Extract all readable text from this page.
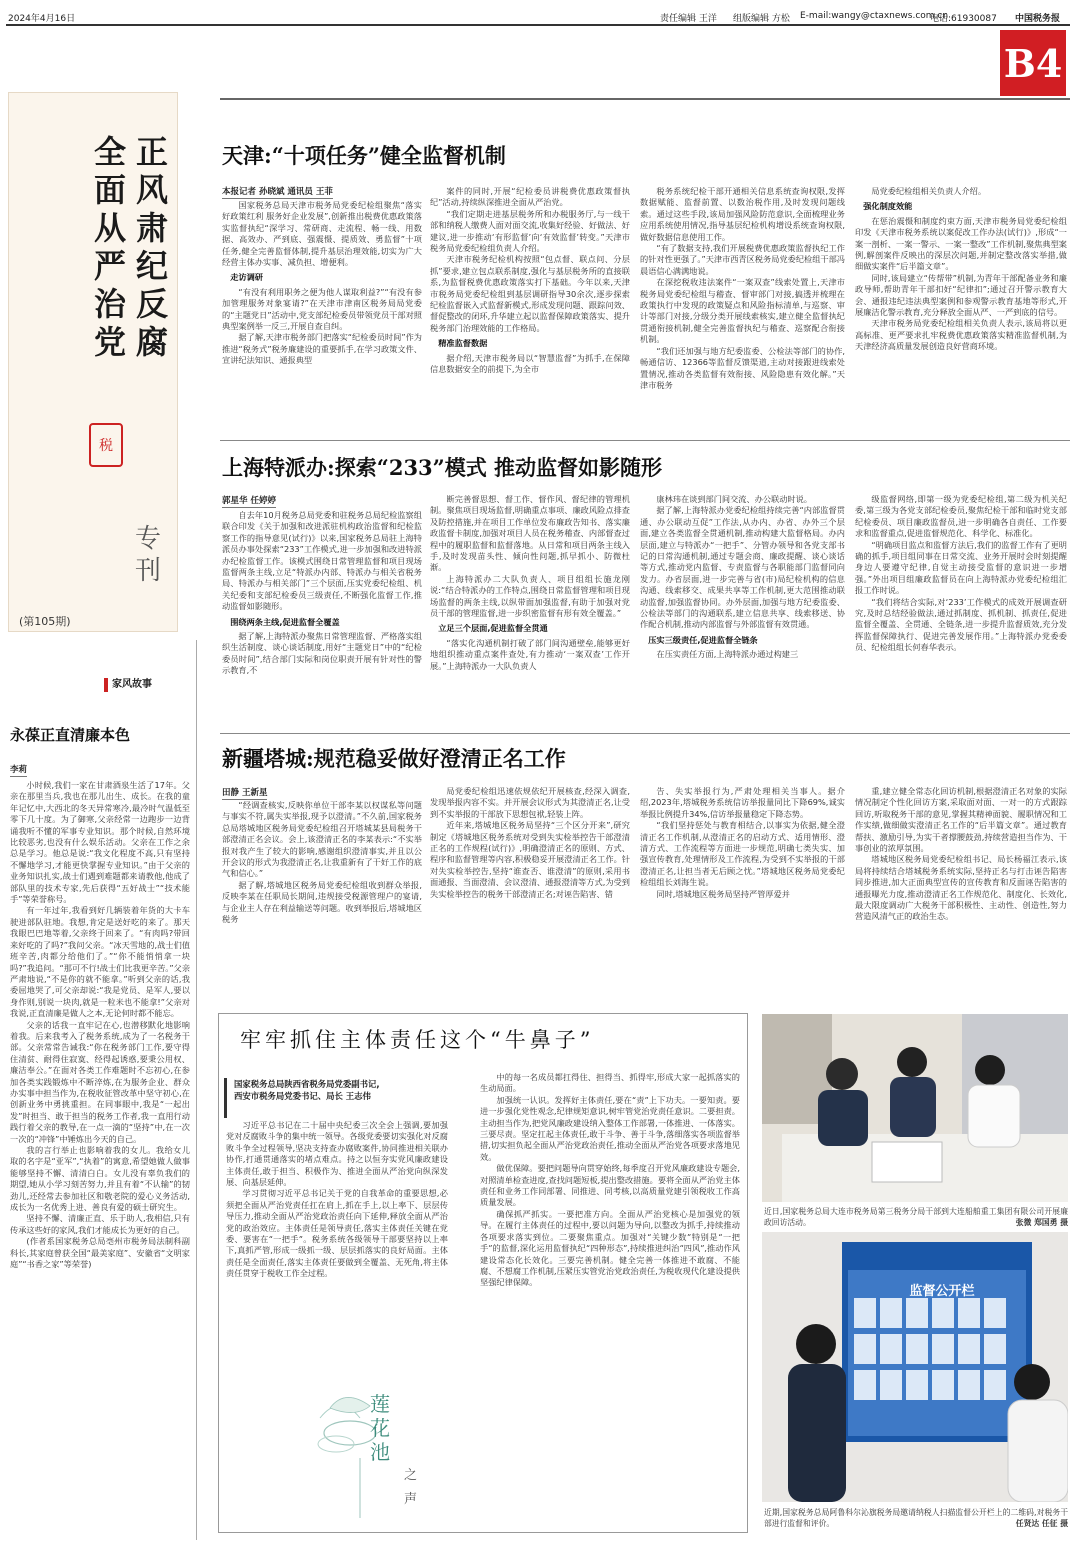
2024年4月16日	责任编辑 王洋 组版编辑 方松 E-mail:wangy@ctaxnews.com.cn
电话:61930087 中国税务报
B4
全面从严治党
正风肃纪反腐
专刊
税
(第105期)
天津:“十项任务”健全监督机制
本报记者 孙晓斌 通讯员 王菲

国家税务总局天津市税务局党委纪检组聚焦“落实好政策红利 服务好企业发展”,创新推出税费优惠政策落实监督执纪“深学习、常研商、走流程、畅一线、用数据、高效办、严到底、强震慑、提质效、勇监督”十项任务,健全完善监督体制,提升基层治理效能,切实为广大经营主体办实事、减负担、增便利。

走访调研

“有没有利用职务之便为他人谋取利益?”“有没有参加管理服务对象宴请?”在天津市津南区税务局局党委的“主题党日”活动中,党支部纪检委员带领党员干部对照典型案例举一反三,开展自查自纠。

据了解,天津市税务部门把落实“纪检委员时间”作为推进“税务式”税务廉建设的重要抓手,在学习政策文件、宣讲纪法知识、通报典型

案件的同时,开展“纪检委员讲税费优惠政策督执纪”活动,持续纵深推进全面从严治党。

“我们定期走进基层税务所和办税服务厅,与一线干部和纳税人缴费人面对面交流,收集好经验、好做法、好建议,进一步推动‘有形监督’向‘有效监督’转变。”天津市税务局党委纪检组负责人介绍。

天津市税务纪检机构按照“包点督、联点问、分层抓”要求,建立包点联系制度,强化与基层税务所的直接联系,为监督税费优惠政策落实打下基础。今年以来,天津市税务局党委纪检组到基层调研指导30余次,逐步探索纪检监督嵌入式监督新模式,形成发现问题、跟踪问效、督促整改的闭环,升华建立起以监督保障政策落实、提升税务部门治理效能的工作格局。

精准监督数据

据介绍,天津市税务局以“智慧监督”为抓手,在保障信息数据安全的前提下,为全市

税务系统纪检干部开通相关信息系统查询权限,发挥数据赋能、监督前置、以数治税作用,及时发现问题线索。通过这些手段,该局加强风险防范意识,全面梳理业务应用系统使用情况,指导基层纪检机构增设系统查询权限,做好数据信息使用工作。

“有了数据支持,我们开展税费优惠政策监督执纪工作的针对性更强了。”天津市西青区税务局党委纪检组干部冯晨语信心满满地说。

在深挖税收违法案件“一案双查”线索处置上,天津市税务局党委纪检组与稽查、督审部门对接,搞透并梳理在政策执行中发现的政策疑点和风险指标清单,与巡察、审计等部门对接,分级分类开展线索核实,建立健全监督执纪贯通衔接机制,健全完善监督执纪与稽查、巡察配合衔接机制。

“我们还加强与地方纪委监委、公检法等部门的协作,畅通信访、12366等监督反馈渠道,主动对接跟进线索处置情况,推动各类监督有效衔接、风险隐患有效化解。”天津市税务

局党委纪检组相关负责人介绍。

强化制度效能

在惩治震慑和制度约束方面,天津市税务局党委纪检组印发《天津市税务系统以案促改工作办法(试行)》,形成“一案一剖析、一案一警示、一案一整改”工作机制,聚焦典型案例,解剖案件反映出的深层次问题,并制定整改落实举措,做细做实案件“后半篇文章”。

同时,该局建立“传帮带”机制,为青年干部配备业务和廉政导师,帮助青年干部扣好“纪律扣”;通过召开警示教育大会、通报违纪违法典型案例和参观警示教育基地等形式,开展廉洁化警示教育,充分释放全面从严、一严到底的信号。

天津市税务局党委纪检组相关负责人表示,该局将以更高标准、更严要求扎牢税费优惠政策落实精准监督机制,为天津经济高质量发展创造良好营商环境。

上海特派办:探索“233”模式 推动监督如影随形
郭星华 任婷婷

自去年10月税务总局党委和驻税务总局纪检监察组联合印发《关于加强和改进派驻机构政治监督和纪检监察工作的指导意见(试行)》以来,国家税务总局驻上海特派员办事处探索“233”工作模式,进一步加强和改进特派办纪检监督工作。该模式围绕日常管理监督和项目现场监督两条主线,立足“特派办内部、特派办与相关省税务局、特派办与相关部门”三个层面,压实党委纪检组、机关纪委和支部纪检委员三级责任,不断强化监督工作,推动监督如影随形。

围绕两条主线,促进监督全覆盖

据了解,上海特派办聚焦日常管理监督、严格落实组织生活制度、谈心谈话制度,用好“主题党日”中的“纪检委员时间”,结合部门实际和岗位职责开展有针对性的警示教育,不

断完善督思想、督工作、督作风、督纪律的管理机制。聚焦项目现场监督,明确重点事项、廉政风险点排查及防控措施,并在项目工作单位发布廉政告知书、落实廉政监督卡制度,加强对项目人员在税务稽查、内部督查过程中的履职监督和监督落地。从日常和项目两条主线入手,及时发现苗头性、倾向性问题,抓早抓小、防微杜渐。

上海特派办二大队负责人、项目组组长施龙刚说:“结合特派办的工作特点,围绕日常监督管理和项目现场监督的两条主线,以纵带面加强监督,有助于加强对党员干部的管理监督,进一步织密监督有形有效全覆盖。”

立足三个层面,促进监督全贯通

“落实化沟通机制打破了部门间沟通壁垒,能够更好地组织推动重点案件查处,有力推动‘一案双查’工作开展。”上海特派办一大队负责人

康林玮在谈到部门间交流、办公联动时说。

据了解,上海特派办党委纪检组持续完善“内部监督贯通、办公联动互促”工作法,从办内、办省、办外三个层面,建立各类监督全贯通机制,推动构建大监督格局。办内层面,建立与特派办“一把手”、分管办领导和各党支部书记的日常沟通机制,通过专题会商、廉政提醒、谈心谈话等方式,推动党内监督、专责监督与各职能部门监督同向发力。办省层面,进一步完善与省(市)局纪检机构的信息沟通、线索移交、成果共享等工作机制,更大范围推动联动监督,加强监督协同。办外层面,加强与地方纪委监委、公检法等部门的沟通联系,建立信息共享、线索移送、协作配合机制,推动内部监督与外部监督有效贯通。

压实三级责任,促进监督全链条

在压实责任方面,上海特派办通过构建三

级监督网络,即第一级为党委纪检组,第二级为机关纪委,第三级为各党支部纪检委员,聚焦纪检干部和临时党支部纪检委员、项目廉政监督员,进一步明确各自责任、工作要求和监督重点,促进监督规范化、科学化、标准化。

“明确项目监点和监督方法后,我们的监督工作有了更明确的抓手,项目组同事在日常交流、业务开展时会时刻提醒身边人要遵守纪律,自觉主动接受监督的意识进一步增强。”外出项目组廉政监督员在向上海特派办党委纪检组汇报工作时说。

“我们将结合实际,对‘233’工作模式的成效开展调查研究,及时总结经验做法,通过抓制度、抓机制、抓责任,促进监督全覆盖、全贯通、全链条,进一步提升监督质效,充分发挥监督保障执行、促进完善发展作用。”上海特派办党委委员、纪检组组长何春华表示。

新疆塔城:规范稳妥做好澄清正名工作
田静 王新星

“经调查核实,反映你单位干部李某以权谋私等问题与事实不符,属失实举报,现予以澄清。”不久前,国家税务总局塔城地区税务局党委纪检组召开塔城某县局税务干部澄清正名会议。会上,该澄清正名的李某表示:“不实举报对我产生了较大的影响,感谢组织澄清事实,并且以公开会议的形式为我澄清正名,让我重新有了干好工作的底气和信心。”

据了解,塔城地区税务局党委纪检组收到群众举报,反映李某在任职局长期间,违规接受税源管理户的宴请,与企业主人存在利益输送等问题。收到举报后,塔城地区税务

局党委纪检组迅速依规依纪开展核查,经深入调查,发现举报内容不实。并开展会议形式为其澄清正名,让受到不实举报的干部放下思想包袱,轻装上阵。

近年来,塔城地区税务局坚持“三个区分开来”,研究制定《塔城地区税务系统对受到失实检举控告干部澄清正名的工作规程(试行)》,明确澄清正名的原则、方式、程序和监督管理等内容,积极稳妥开展澄清正名工作。针对失实检举控告,坚持“谁查否、谁澄清”的原则,采用书面通报、当面澄清、会议澄清、通报澄清等方式,为受到失实检举控告的税务干部澄清正名;对诬告陷害、错

告、失实举报行为,严肃处理相关当事人。据介绍,2023年,塔城税务系统信访举报量同比下降69%,诚实举报比例提升34%,信访举报量稳定下降态势。

“我们坚持惩处与教育相结合,以事实为依据,健全澄清正名工作机制,从澄清正名的启动方式、适用情形、澄清方式、工作流程等方面进一步规范,明确七类失实、加强宣传教育,处理情形及工作流程,为受到不实举报的干部澄清正名,让担当者无后顾之忧。”塔城地区税务局党委纪检组组长刘海生说。

同时,塔城地区税务局坚持严管厚爱并

重,建立健全常态化回访机制,根据澄清正名对象的实际情况制定个性化回访方案,采取面对面、一对一的方式跟踪回访,听取税务干部的意见,掌握其精神面貌、履职情况和工作实绩,做细做实澄清正名工作的“后半篇文章”。通过教育帮扶、激励引导,为实干者撑腰鼓劲,持续营造担当作为、干事创业的浓厚氛围。

塔城地区税务局党委纪检组书记、局长杨福江表示,该局将持续结合塔城税务系统实际,坚持正名与打击诬告陷害同步推进,加大正面典型宣传的宣传教育和反面诬告陷害的通报曝光力度,推动澄清正名工作规范化、制度化、长效化,最大限度调动广大税务干部积极性、主动性、创造性,努力营造风清气正的政治生态。

家风故事
永葆正直清廉本色
李莉

小时候,我们一家在甘肃酒泉生活了17年。父亲在那里当兵,我也在那儿出生、成长。在我的童年记忆中,大西北的冬天异常寒冷,最冷时气温低至零下几十度。为了御寒,父亲经常一边跑步一边背诵我听不懂的军事专业知识。那个时候,自然环境比较恶劣,也没有什么娱乐活动。父亲在工作之余总是学习。他总是说:“我文化程度不高,只有坚持不懈地学习,才能更快掌握专业知识。”由于父亲的业务知识扎实,战士们遇到难题都来请教他,他成了部队里的技术专家,先后获得“五好战士”“技术能手”等荣誉称号。

有一年过年,我看到好几辆装着年货的大卡车驶进部队驻地。我想,肯定是送好吃的来了。那天我眼巴巴地等着,父亲终于回来了。“有肉吗?带回来好吃的了吗?”我问父亲。“冰天雪地的,战士们值班辛苦,肉都分给他们了。”“你不能悄悄拿一块吗?”我追问。“那可不行!战士们比我更辛苦。”父亲严肃地说,“不是你的就不能拿。”听到父亲的话,我委屈地哭了,可父亲却说:“我是党员、是军人,要以身作则,别说一块肉,就是一粒米也不能拿!”父亲对我说,正直清廉是做人之本,无论何时都不能忘。

父亲的话我一直牢记在心,也潜移默化地影响着我。后来我考入了税务系统,成为了一名税务干部。父亲常常告诫我:“你在税务部门工作,要守得住清贫、耐得住寂寞、经得起诱惑,要秉公用权、廉洁奉公。”在面对各类工作难题时不忘初心,在参加各类实践锻炼中不断淬炼,在为服务企业、群众办实事中担当作为,在税收征管改革中坚守初心,在创新业务中勇挑重担。在同事眼中,我是“一起出发”时担当、敢于担当的税务工作者,我一直用行动践行着父亲的教导,在一点一滴的“坚持”中,在一次一次的“冲锋”中锤炼出今天的自己。

我的言行举止也影响着我的女儿。我给女儿取的名字是“亚军”,“执着”的寓意,希望她做人做事能够坚持不懈、清清白白。女儿没有辜负我们的期望,她从小学习刻苦努力,并且有着“不认输”的韧劲儿,还经常去参加社区和敬老院的爱心义务活动,成长为一名优秀上进、善良有爱的硕士研究生。

坚持不懈、清廉正直、乐于助人,我相信,只有传承这些好的家风,我们才能成长为更好的自己。

(作者系国家税务总局亳州市税务局法制科副科长,其家庭曾获全国“最美家庭”、安徽省“文明家庭”“书香之家”等荣誉)

牢牢抓住主体责任这个“牛鼻子”
国家税务总局陕西省税务局党委副书记,
西安市税务局党委书记、局长 王志伟

习近平总书记在二十届中央纪委三次全会上强调,要加强党对反腐败斗争的集中统一领导。各级党委要切实强化对反腐败斗争全过程领导,坚决支持查办腐败案件,协同推进相关联办协作,打通贯通落实的堵点难点。持之以恒夯实党风廉政建设主体责任,敢于担当、积极作为、推进全面从严治党向纵深发展、向基层延伸。

学习贯彻习近平总书记关于党的自我革命的重要思想,必须把全面从严治党责任扛在肩上,抓在手上,以上率下、层层传导压力,推动全面从严治党政治责任向下延伸,释放全面从严治党的政治效应。主体责任是领导责任,落实主体责任关键在党委、要害在“一把手”。税务系统各级领导干部要坚持以上率下,真抓严管,形成一级抓一级、层层抓落实的良好局面。主体责任是全面责任,落实主体责任要做到全覆盖、无死角,将主体责任贯穿于税收工作全过程。

中的每一名成员都扛得住、担得当、抓得牢,形成大家一起抓落实的生动局面。

加强统一认识。发挥好主体责任,要在“责”上下功夫。一要知责。要进一步强化党性观念,纪律规矩意识,树牢管党治党责任意识。二要担责。主动担当作为,把党风廉政建设纳入整体工作部署,一体推进、一体落实。三要尽责。坚定扛起主体责任,敢于斗争、善于斗争,落细落实各项监督举措,切实担负起全面从严治党政治责任,推动全面从严治党各项要求落地见效。

做优保障。要把问题导向贯穿始终,每季度召开党风廉政建设专题会,对照清单检查进度,查找问题短板,提出整改措施。要将全面从严治党主体责任和业务工作同部署、同推进、同考核,以高质量党建引领税收工作高质量发展。

确保抓严抓实。一要把准方向。全面从严治党核心是加强党的领导。在履行主体责任的过程中,要以问题为导向,以整改为抓手,持续推动各项要求落实到位。二要聚焦重点。加强对“关键少数”特别是“一把手”的监督,深化运用监督执纪“四种形态”,持续推进纠治“四风”,推动作风建设常态化长效化。三要完善机制。健全完善一体推进不敢腐、不能腐、不想腐工作机制,压紧压实管党治党政治责任,为税收现代化建设提供坚强纪律保障。

莲
花
池
之声
近日,国家税务总局大连市税务局第三税务分局干部到大连船舶重工集团有限公司开展廉政回访活动。	张微 郑国勇 摄
监督公开栏
近期,国家税务总局阿鲁科尔沁旗税务局邀请纳税人扫描监督公开栏上的二维码,对税务干部进行监督和评价。	任贤达 任征 摄
